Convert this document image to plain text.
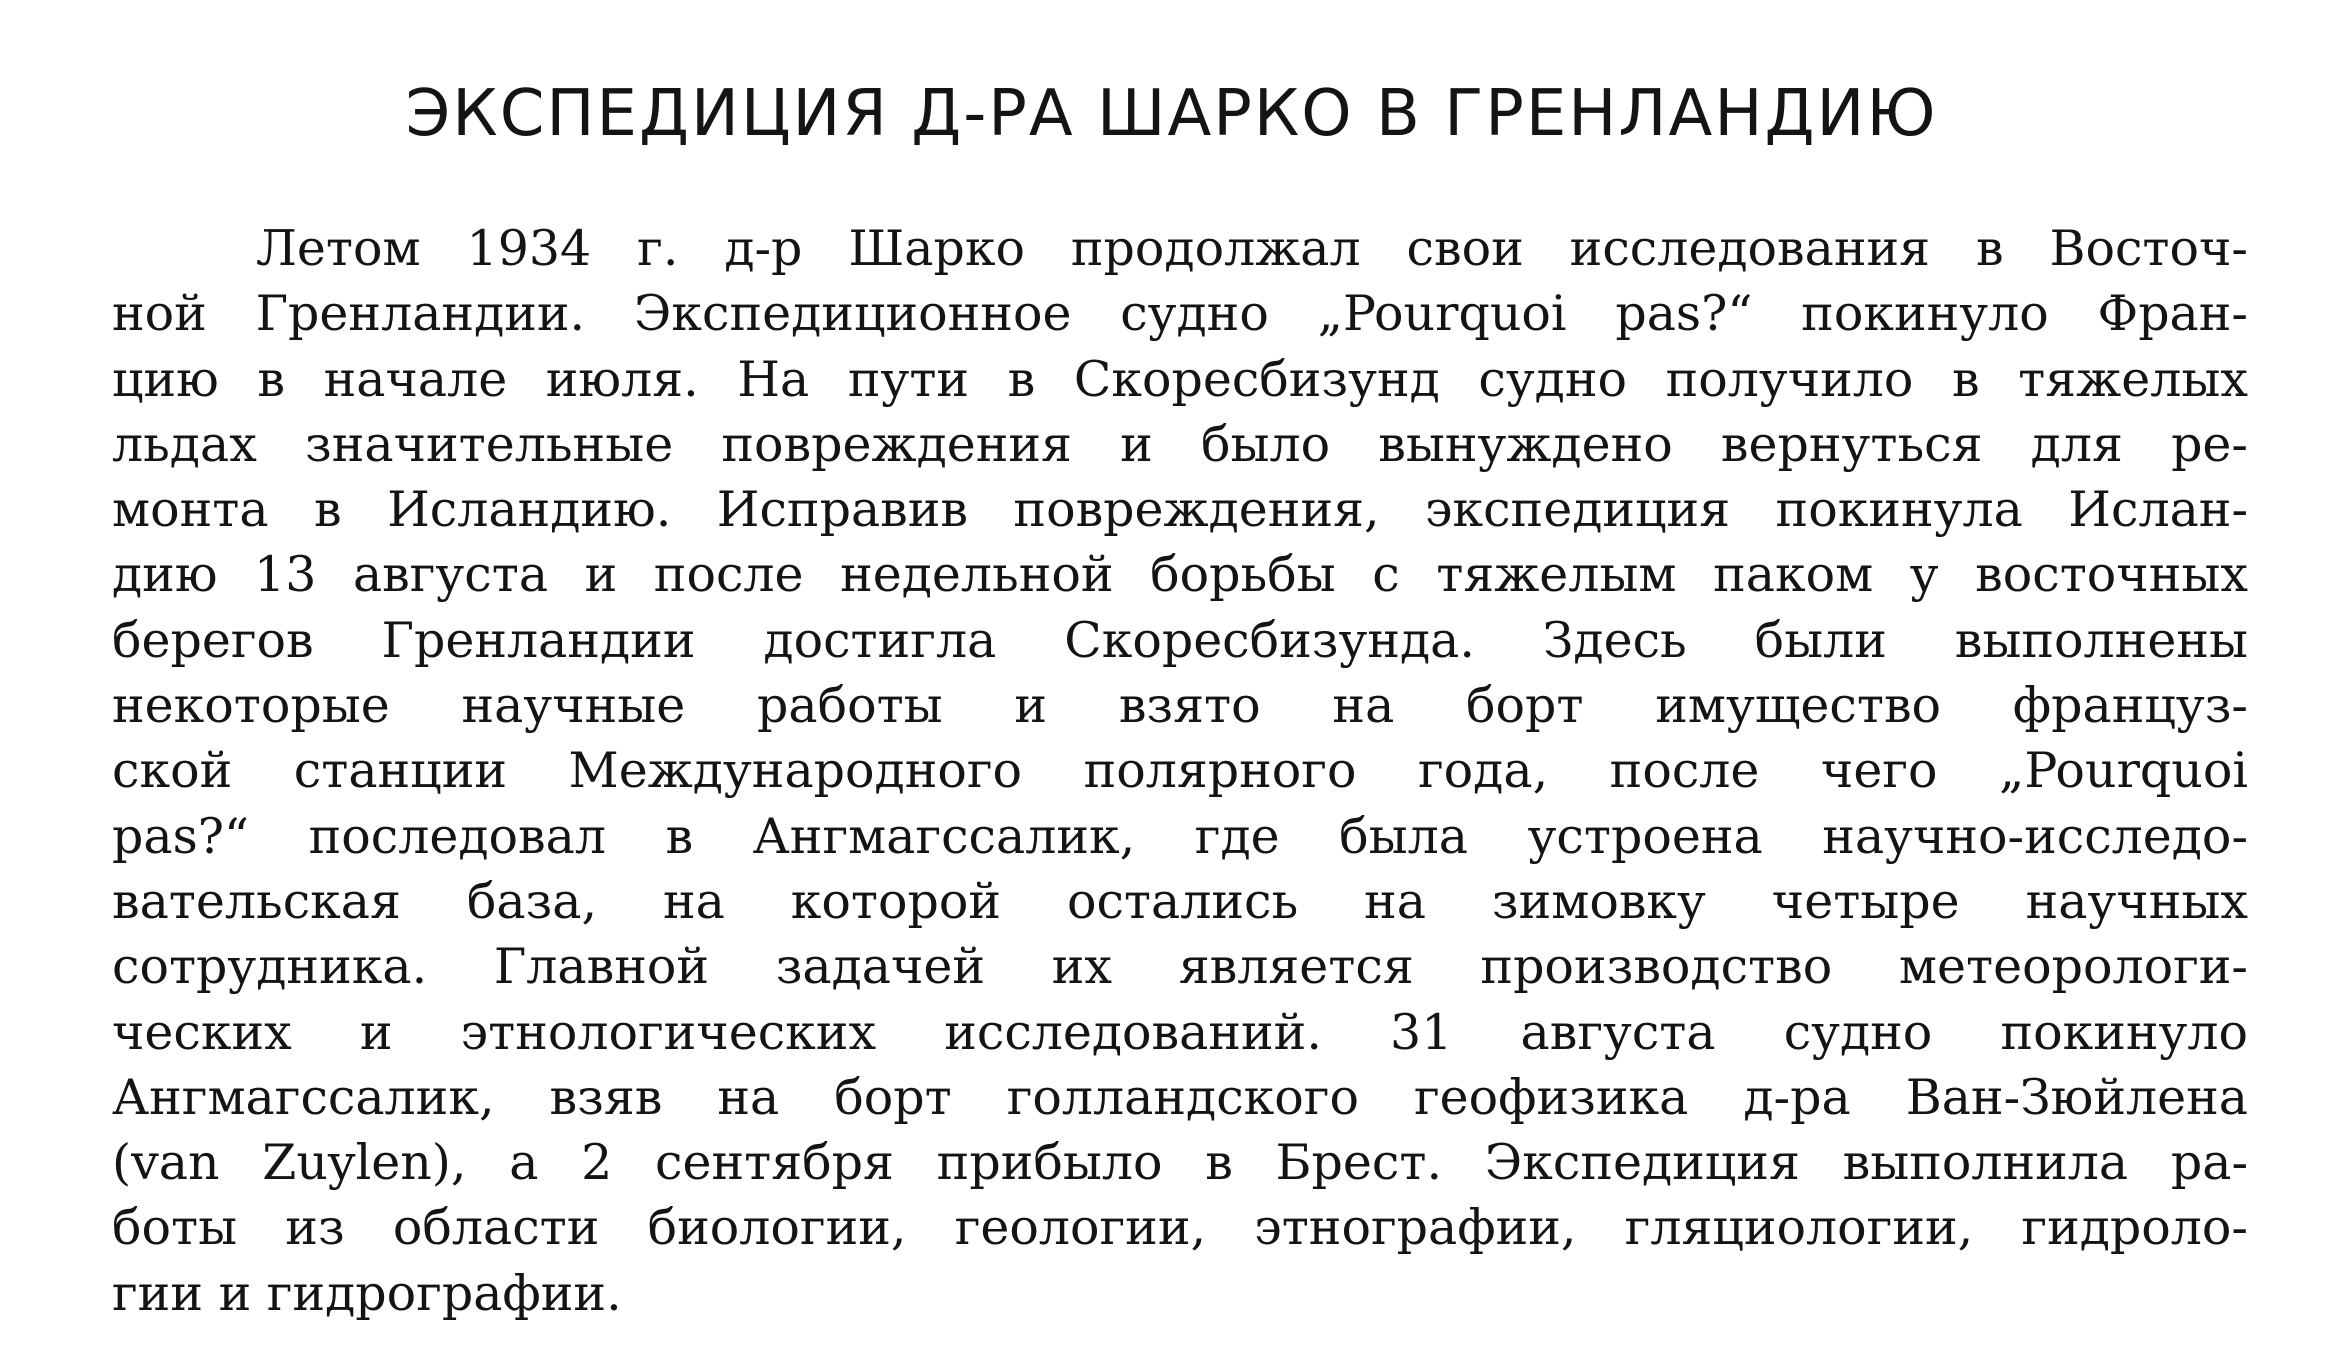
ЭКСПЕДИЦИЯ Д-РА ШАРКО В ГРЕНЛАНДИЮ
Летом 1934 г. д-р Шарко продолжал свои исследования в Восточ-
ной Гренландии. Экспедиционное судно „Pourquoi pas?“ покинуло Фран-
цию в начале июля. На пути в Скоресбизунд судно получило в тяжелых
льдах значительные повреждения и было вынуждено вернуться для ре-
монта в Исландию. Исправив повреждения, экспедиция покинула Ислан-
дию 13 августа и после недельной борьбы с тяжелым паком у восточных
берегов Гренландии достигла Скоресбизунда. Здесь были выполнены
некоторые научные работы и взято на борт имущество француз-
ской станции Международного полярного года, после чего „Pourquoi
pas?“ последовал в Ангмагссалик, где была устроена научно-исследо-
вательская база, на которой остались на зимовку четыре научных
сотрудника. Главной задачей их является производство метеорологи-
ческих и этнологических исследований. 31 августа судно покинуло
Ангмагссалик, взяв на борт голландского геофизика д-ра Ван-Зюйлена
(van Zuylen), а 2 сентября прибыло в Брест. Экспедиция выполнила ра-
боты из области биологии, геологии, этнографии, гляциологии, гидроло-
гии и гидрографии.
